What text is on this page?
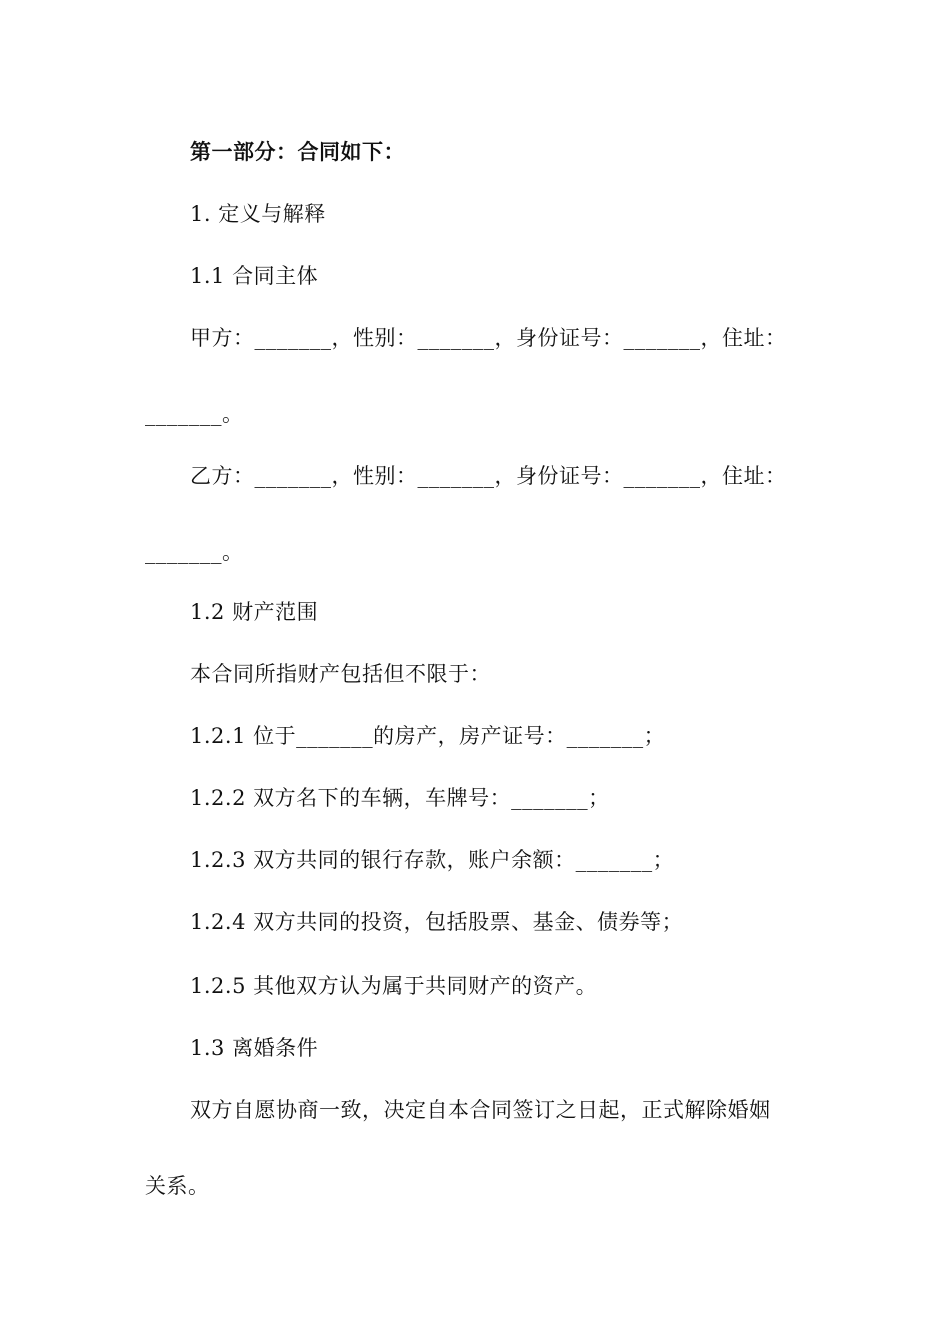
第一部分：合同如下：
1. 定义与解释
1.1 合同主体
甲方：_______，性别：_______，身份证号：_______，住址：
_______。
乙方：_______，性别：_______，身份证号：_______，住址：
_______。
1.2 财产范围
本合同所指财产包括但不限于：
1.2.1 位于_______的房产，房产证号：_______；
1.2.2 双方名下的车辆，车牌号：_______；
1.2.3 双方共同的银行存款，账户余额：_______；
1.2.4 双方共同的投资，包括股票、基金、债券等；
1.2.5 其他双方认为属于共同财产的资产。
1.3 离婚条件
双方自愿协商一致，决定自本合同签订之日起，正式解除婚姻
关系。
